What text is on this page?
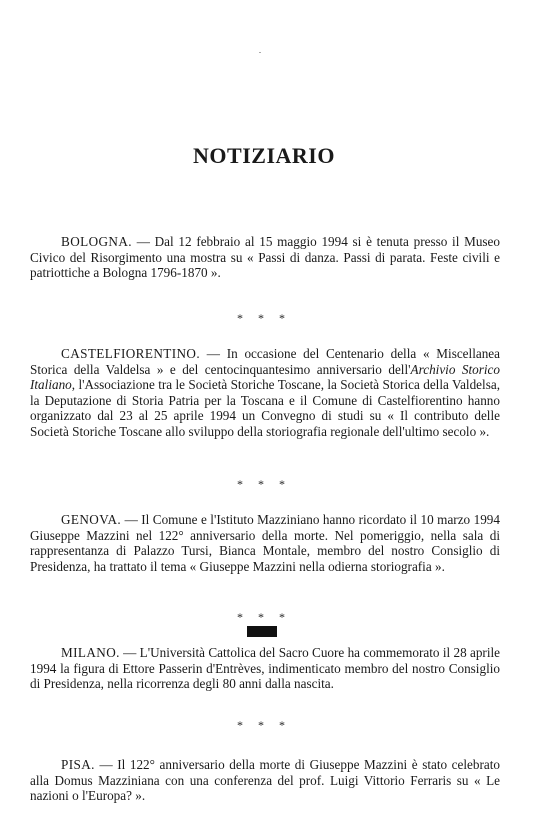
NOTIZIARIO

BOLOGNA. — Dal 12 febbraio al 15 maggio 1994 si è tenuta presso il Museo Civico del Risorgimento una mostra su « Passi di danza. Passi di parata. Feste civili e patriottiche a Bologna 1796-1870 ».

* * *

CASTELFIORENTINO. — In occasione del Centenario della « Miscellanea Storica della Valdelsa » e del centocinquantesimo anniversario dell'Archivio Storico Italiano, l'Associazione tra le Società Storiche Toscane, la Società Storica della Valdelsa, la Deputazione di Storia Patria per la Toscana e il Comune di Castelfiorentino hanno organizzato dal 23 al 25 aprile 1994 un Convegno di studi su « Il contributo delle Società Storiche Toscane allo sviluppo della storiografia regionale dell'ultimo secolo ».

* * *

GENOVA. — Il Comune e l'Istituto Mazziniano hanno ricordato il 10 marzo 1994 Giuseppe Mazzini nel 122° anniversario della morte. Nel pomeriggio, nella sala di rappresentanza di Palazzo Tursi, Bianca Montale, membro del nostro Consiglio di Presidenza, ha trattato il tema « Giuseppe Mazzini nella odierna storiografia ».

* * *

MILANO. — L'Università Cattolica del Sacro Cuore ha commemorato il 28 aprile 1994 la figura di Ettore Passerin d'Entrèves, indimenticato membro del nostro Consiglio di Presidenza, nella ricorrenza degli 80 anni dalla nascita.

* * *

PISA. — Il 122° anniversario della morte di Giuseppe Mazzini è stato celebrato alla Domus Mazziniana con una conferenza del prof. Luigi Vittorio Ferraris su « Le nazioni o l'Europa? ».
